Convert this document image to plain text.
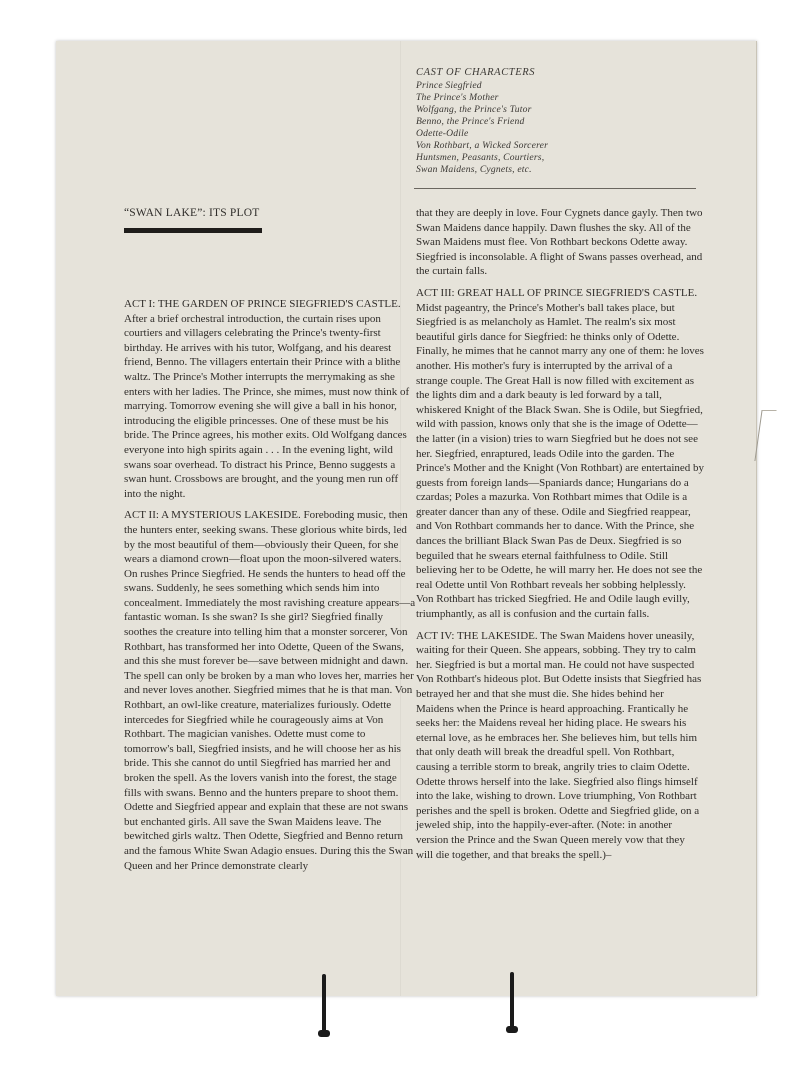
CAST OF CHARACTERS
Prince Siegfried
The Prince's Mother
Wolfgang, the Prince's Tutor
Benno, the Prince's Friend
Odette-Odile
Von Rothbart, a Wicked Sorcerer
Huntsmen, Peasants, Courtiers,
Swan Maidens, Cygnets, etc.
“SWAN LAKE”: ITS PLOT

ACT I: THE GARDEN OF PRINCE SIEGFRIED'S CASTLE. After a brief orchestral introduction, the curtain rises upon courtiers and villagers celebrating the Prince's twenty-first birthday. He arrives with his tutor, Wolfgang, and his dearest friend, Benno. The villagers entertain their Prince with a blithe waltz. The Prince's Mother interrupts the merrymaking as she enters with her ladies. The Prince, she mimes, must now think of marrying. Tomorrow evening she will give a ball in his honor, introducing the eligible princesses. One of these must be his bride. The Prince agrees, his mother exits. Old Wolfgang dances everyone into high spirits again . . . In the evening light, wild swans soar overhead. To distract his Prince, Benno suggests a swan hunt. Crossbows are brought, and the young men run off into the night.

ACT II: A MYSTERIOUS LAKESIDE. Foreboding music, then the hunters enter, seeking swans. These glorious white birds, led by the most beautiful of them—obviously their Queen, for she wears a diamond crown—float upon the moon-silvered waters. On rushes Prince Siegfried. He sends the hunters to head off the swans. Suddenly, he sees something which sends him into concealment. Immediately the most ravishing creature appears—a fantastic woman. Is she swan? Is she girl? Siegfried finally soothes the creature into telling him that a monster sorcerer, Von Rothbart, has transformed her into Odette, Queen of the Swans, and this she must forever be—save between midnight and dawn. The spell can only be broken by a man who loves her, marries her and never loves another. Siegfried mimes that he is that man. Von Rothbart, an owl-like creature, materializes furiously. Odette intercedes for Siegfried while he courageously aims at Von Rothbart. The magician vanishes. Odette must come to tomorrow's ball, Siegfried insists, and he will choose her as his bride. This she cannot do until Siegfried has married her and broken the spell. As the lovers vanish into the forest, the stage fills with swans. Benno and the hunters prepare to shoot them. Odette and Siegfried appear and explain that these are not swans but enchanted girls. All save the Swan Maidens leave. The bewitched girls waltz. Then Odette, Siegfried and Benno return and the famous White Swan Adagio ensues. During this the Swan Queen and her Prince demonstrate clearly

that they are deeply in love. Four Cygnets dance gayly. Then two Swan Maidens dance happily. Dawn flushes the sky. All of the Swan Maidens must flee. Von Rothbart beckons Odette away. Siegfried is inconsolable. A flight of Swans passes overhead, and the curtain falls.

ACT III: GREAT HALL OF PRINCE SIEGFRIED'S CASTLE. Midst pageantry, the Prince's Mother's ball takes place, but Siegfried is as melancholy as Hamlet. The realm's six most beautiful girls dance for Siegfried: he thinks only of Odette. Finally, he mimes that he cannot marry any one of them: he loves another. His mother's fury is interrupted by the arrival of a strange couple. The Great Hall is now filled with excitement as the lights dim and a dark beauty is led forward by a tall, whiskered Knight of the Black Swan. She is Odile, but Siegfried, wild with passion, knows only that she is the image of Odette—the latter (in a vision) tries to warn Siegfried but he does not see her. Siegfried, enraptured, leads Odile into the garden. The Prince's Mother and the Knight (Von Rothbart) are entertained by guests from foreign lands—Spaniards dance; Hungarians do a czardas; Poles a mazurka. Von Rothbart mimes that Odile is a greater dancer than any of these. Odile and Siegfried reappear, and Von Rothbart commands her to dance. With the Prince, she dances the brilliant Black Swan Pas de Deux. Siegfried is so beguiled that he swears eternal faithfulness to Odile. Still believing her to be Odette, he will marry her. He does not see the real Odette until Von Rothbart reveals her sobbing helplessly. Von Rothbart has tricked Siegfried. He and Odile laugh evilly, triumphantly, as all is confusion and the curtain falls.

ACT IV: THE LAKESIDE. The Swan Maidens hover uneasily, waiting for their Queen. She appears, sobbing. They try to calm her. Siegfried is but a mortal man. He could not have suspected Von Rothbart's hideous plot. But Odette insists that Siegfried has betrayed her and that she must die. She hides behind her Maidens when the Prince is heard approaching. Frantically he seeks her: the Maidens reveal her hiding place. He swears his eternal love, as he embraces her. She believes him, but tells him that only death will break the dreadful spell. Von Rothbart, causing a terrible storm to break, angrily tries to claim Odette. Odette throws herself into the lake. Siegfried also flings himself into the lake, wishing to drown. Love triumphing, Von Rothbart perishes and the spell is broken. Odette and Siegfried glide, on a jeweled ship, into the happily-ever-after. (Note: in another version the Prince and the Swan Queen merely vow that they will die together, and that breaks the spell.)–
